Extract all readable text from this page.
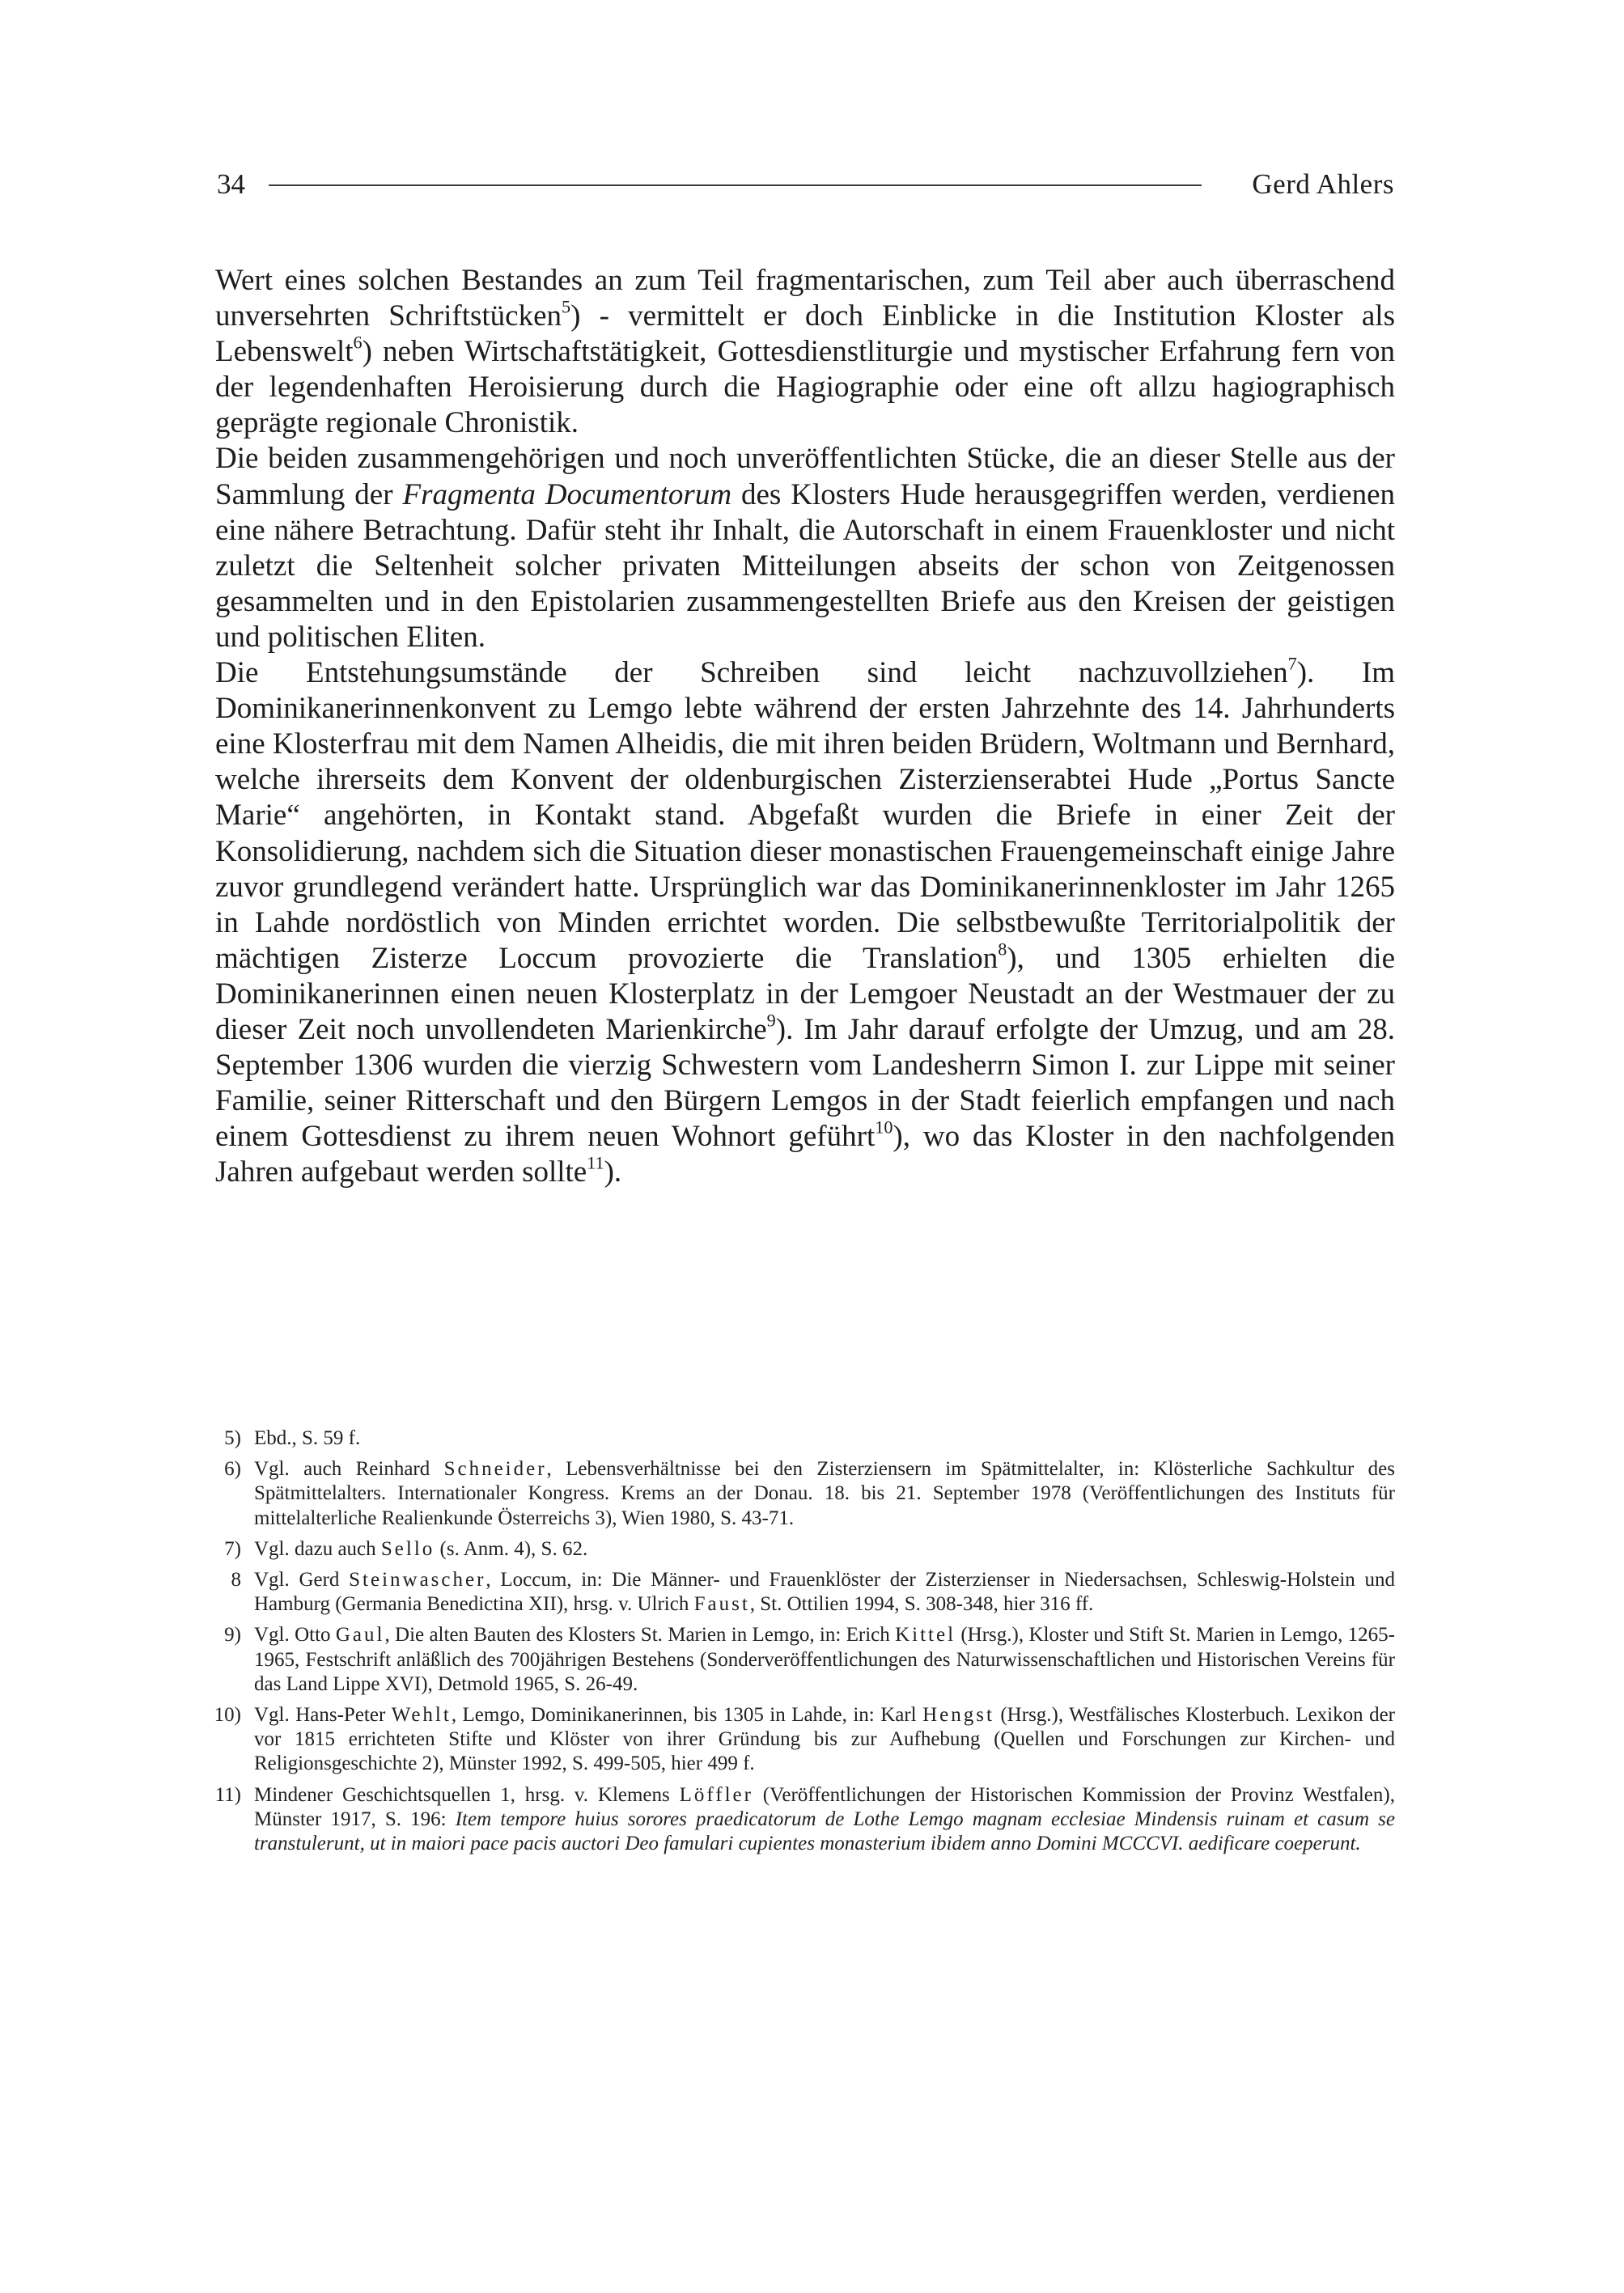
34	Gerd Ahlers

Wert eines solchen Bestandes an zum Teil fragmentarischen, zum Teil aber auch überraschend unversehrten Schriftstücken$^5$) - vermittelt er doch Einblicke in die Institution Kloster als Lebenswelt$^6$) neben Wirtschaftstätigkeit, Gottesdienstliturgie und mystischer Erfahrung fern von der legendenhaften Heroisierung durch die Hagiographie oder eine oft allzu hagiographisch geprägte regionale Chronistik.

Die beiden zusammengehörigen und noch unveröffentlichten Stücke, die an dieser Stelle aus der Sammlung der Fragmenta Documentorum des Klosters Hude herausgegriffen werden, verdienen eine nähere Betrachtung. Dafür steht ihr Inhalt, die Autorschaft in einem Frauenkloster und nicht zuletzt die Seltenheit solcher privaten Mitteilungen abseits der schon von Zeitgenossen gesammelten und in den Epistolarien zusammengestellten Briefe aus den Kreisen der geistigen und politischen Eliten.

Die Entstehungsumstände der Schreiben sind leicht nachzuvollziehen$^7$). Im Dominikanerinnenkonvent zu Lemgo lebte während der ersten Jahrzehnte des 14. Jahrhunderts eine Klosterfrau mit dem Namen Alheidis, die mit ihren beiden Brüdern, Woltmann und Bernhard, welche ihrerseits dem Konvent der oldenburgischen Zisterzienserabtei Hude „Portus Sancte Marie“ angehörten, in Kontakt stand. Abgefaßt wurden die Briefe in einer Zeit der Konsolidierung, nachdem sich die Situation dieser monastischen Frauengemeinschaft einige Jahre zuvor grundlegend verändert hatte. Ursprünglich war das Dominikanerinnenkloster im Jahr 1265 in Lahde nordöstlich von Minden errichtet worden. Die selbstbewußte Territorialpolitik der mächtigen Zisterze Loccum provozierte die Translation$^8$), und 1305 erhielten die Dominikanerinnen einen neuen Klosterplatz in der Lemgoer Neustadt an der Westmauer der zu dieser Zeit noch unvollendeten Marienkirche$^9$). Im Jahr darauf erfolgte der Umzug, und am 28. September 1306 wurden die vierzig Schwestern vom Landesherrn Simon I. zur Lippe mit seiner Familie, seiner Ritterschaft und den Bürgern Lemgos in der Stadt feierlich empfangen und nach einem Gottesdienst zu ihrem neuen Wohnort geführt$^{10}$), wo das Kloster in den nachfolgenden Jahren aufgebaut werden sollte$^{11}$).

5) Ebd., S. 59 f.
6) Vgl. auch Reinhard Schneider, Lebensverhältnisse bei den Zisterziensern im Spätmittelalter, in: Klösterliche Sachkultur des Spätmittelalters. Internationaler Kongress. Krems an der Donau. 18. bis 21. September 1978 (Veröffentlichungen des Instituts für mittelalterliche Realienkunde Österreichs 3), Wien 1980, S. 43-71.
7) Vgl. dazu auch Sello (s. Anm. 4), S. 62.
8 Vgl. Gerd Steinwascher, Loccum, in: Die Männer- und Frauenklöster der Zisterzienser in Niedersachsen, Schleswig-Holstein und Hamburg (Germania Benedictina XII), hrsg. v. Ulrich Faust, St. Ottilien 1994, S. 308-348, hier 316 ff.
9) Vgl. Otto Gaul, Die alten Bauten des Klosters St. Marien in Lemgo, in: Erich Kittel (Hrsg.), Kloster und Stift St. Marien in Lemgo, 1265-1965, Festschrift anläßlich des 700jährigen Bestehens (Sonderveröffentlichungen des Naturwissenschaftlichen und Historischen Vereins für das Land Lippe XVI), Detmold 1965, S. 26-49.
10) Vgl. Hans-Peter Wehlt, Lemgo, Dominikanerinnen, bis 1305 in Lahde, in: Karl Hengst (Hrsg.), Westfälisches Klosterbuch. Lexikon der vor 1815 errichteten Stifte und Klöster von ihrer Gründung bis zur Aufhebung (Quellen und Forschungen zur Kirchen- und Religionsgeschichte 2), Münster 1992, S. 499-505, hier 499 f.
11) Mindener Geschichtsquellen 1, hrsg. v. Klemens Löffler (Veröffentlichungen der Historischen Kommission der Provinz Westfalen), Münster 1917, S. 196: Item tempore huius sorores praedicatorum de Lothe Lemgo magnam ecclesiae Mindensis ruinam et casum se transtulerunt, ut in maiori pace pacis auctori Deo famulari cupientes monasterium ibidem anno Domini MCCCVI. aedificare coeperunt.
